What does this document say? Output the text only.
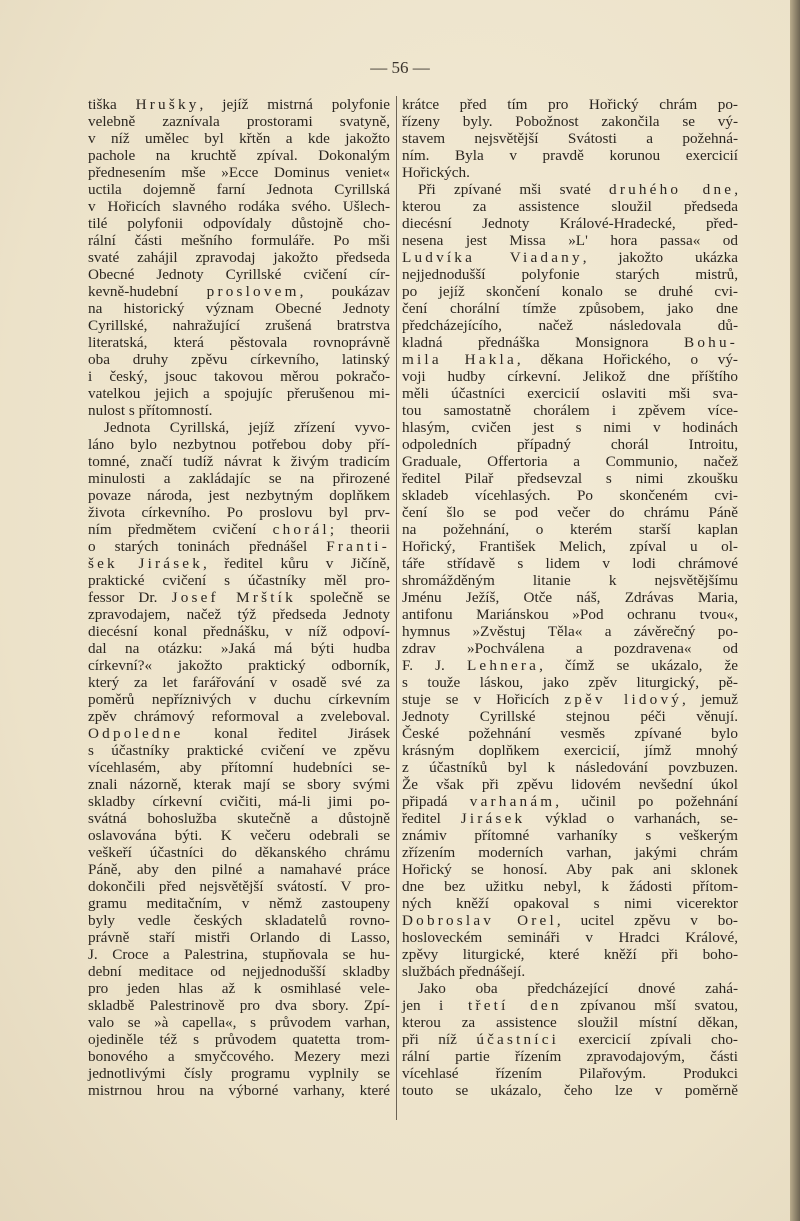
— 56 —
tiška Hrušky, jejíž mistrná polyfonie
velebně zaznívala prostorami svatyně,
v níž umělec byl křtěn a kde jakožto
pachole na kruchtě zpíval. Dokonalým
přednesením mše »Ecce Dominus veniet«
uctila dojemně farní Jednota Cyrillská
v Hořicích slavného rodáka svého. Ušlech-
tilé polyfonii odpovídaly důstojně cho-
rální části mešního formuláře. Po mši
svaté zahájil zpravodaj jakožto předseda
Obecné Jednoty Cyrillské cvičení cír-
kevně-hudební proslovem, poukázav
na historický význam Obecné Jednoty
Cyrillské, nahražující zrušená bratrstva
literatská, která pěstovala rovnoprávně
oba druhy zpěvu církevního, latinský
i český, jsouc takovou měrou pokračo-
vatelkou jejich a spojujíc přerušenou mi-
nulost s přítomností.
Jednota Cyrillská, jejíž zřízení vyvo-
láno bylo nezbytnou potřebou doby pří-
tomné, značí tudíž návrat k živým tradicím
minulosti a zakládajíc se na přirozené
povaze národa, jest nezbytným doplňkem
života církevního. Po proslovu byl prv-
ním předmětem cvičení chorál; theorii
o starých toninách přednášel Franti-
šek Jirásek, ředitel kůru v Jičíně,
praktické cvičení s účastníky měl pro-
fessor Dr. Josef Mrštík společně se
zpravodajem, načež týž předseda Jednoty
diecésní konal přednášku, v níž odpoví-
dal na otázku: »Jaká má býti hudba
církevní?« jakožto praktický odborník,
který za let farářování v osadě své za
poměrů nepříznivých v duchu církevním
zpěv chrámový reformoval a zveleboval.
Odpoledne konal ředitel Jirásek
s účastníky praktické cvičení ve zpěvu
vícehlasém, aby přítomní hudebníci se-
znali názorně, kterak mají se sbory svými
skladby církevní cvičiti, má-li jimi po-
svátná bohoslužba skutečně a důstojně
oslavována býti. K večeru odebrali se
veškeří účastníci do děkanského chrámu
Páně, aby den pilné a namahavé práce
dokončili před nejsvětější svátostí. V pro-
gramu meditačním, v němž zastoupeny
byly vedle českých skladatelů rovno-
právně staří mistři Orlando di Lasso,
J. Croce a Palestrina, stupňovala se hu-
dební meditace od nejjednodušší skladby
pro jeden hlas až k osmihlasé vele-
skladbě Palestrinově pro dva sbory. Zpí-
valo se »à capella«, s průvodem varhan,
ojediněle též s průvodem quatetta trom-
bonového a smyčcového. Mezery mezi
jednotlivými čísly programu vyplnily se
mistrnou hrou na výborné varhany, které
krátce před tím pro Hořický chrám po-
řízeny byly. Pobožnost zakončila se vý-
stavem nejsvětější Svátosti a požehná-
ním. Byla v pravdě korunou exercicií
Hořických.
Při zpívané mši svaté druhého dne,
kterou za assistence sloužil předseda
diecésní Jednoty Králové-Hradecké, před-
nesena jest Missa »L' hora passa« od
Ludvíka Viadany, jakožto ukázka
nejjednodušší polyfonie starých mistrů,
po jejíž skončení konalo se druhé cvi-
čení chorální tímže způsobem, jako dne
předcházejícího, načež následovala dů-
kladná přednáška Monsignora Bohu-
mila Hakla, děkana Hořického, o vý-
voji hudby církevní. Jelikož dne příštího
měli účastníci exercicií oslaviti mši sva-
tou samostatně chorálem i zpěvem více-
hlasým, cvičen jest s nimi v hodinách
odpoledních případný chorál Introitu,
Graduale, Offertoria a Communio, načež
ředitel Pilař předsevzal s nimi zkoušku
skladeb vícehlasých. Po skončeném cvi-
čení šlo se pod večer do chrámu Páně
na požehnání, o kterém starší kaplan
Hořický, František Melich, zpíval u ol-
táře střídavě s lidem v lodi chrámové
shromážděným litanie k nejsvětějšímu
Jménu Ježíš, Otče náš, Zdrávas Maria,
antifonu Mariánskou »Pod ochranu tvou«,
hymnus »Zvěstuj Těla« a závěrečný po-
zdrav »Pochválena a pozdravena« od
F. J. Lehnera, čímž se ukázalo, že
s touže láskou, jako zpěv liturgický, pě-
stuje se v Hořicích zpěv lidový, jemuž
Jednoty Cyrillské stejnou péči věnují.
České požehnání vesměs zpívané bylo
krásným doplňkem exercicií, jímž mnohý
z účastníků byl k následování povzbuzen.
Že však při zpěvu lidovém nevšední úkol
připadá varhanám, učinil po požehnání
ředitel Jirásek výklad o varhanách, se-
známiv přítomné varhaníky s veškerým
zřízením moderních varhan, jakými chrám
Hořický se honosí. Aby pak ani sklonek
dne bez užitku nebyl, k žádosti přítom-
ných kněží opakoval s nimi vicerektor
Dobroslav Orel, ucitel zpěvu v bo-
hosloveckém semináři v Hradci Králové,
zpěvy liturgické, které kněží při boho-
službách přednášejí.
Jako oba předcházející dnové zahá-
jen i třetí den zpívanou mší svatou,
kterou za assistence sloužil místní děkan,
při níž účastníci exercicií zpívali cho-
rální partie řízením zpravodajovým, části
vícehlasé řízením Pilařovým. Produkci
touto se ukázalo, čeho lze v poměrně
